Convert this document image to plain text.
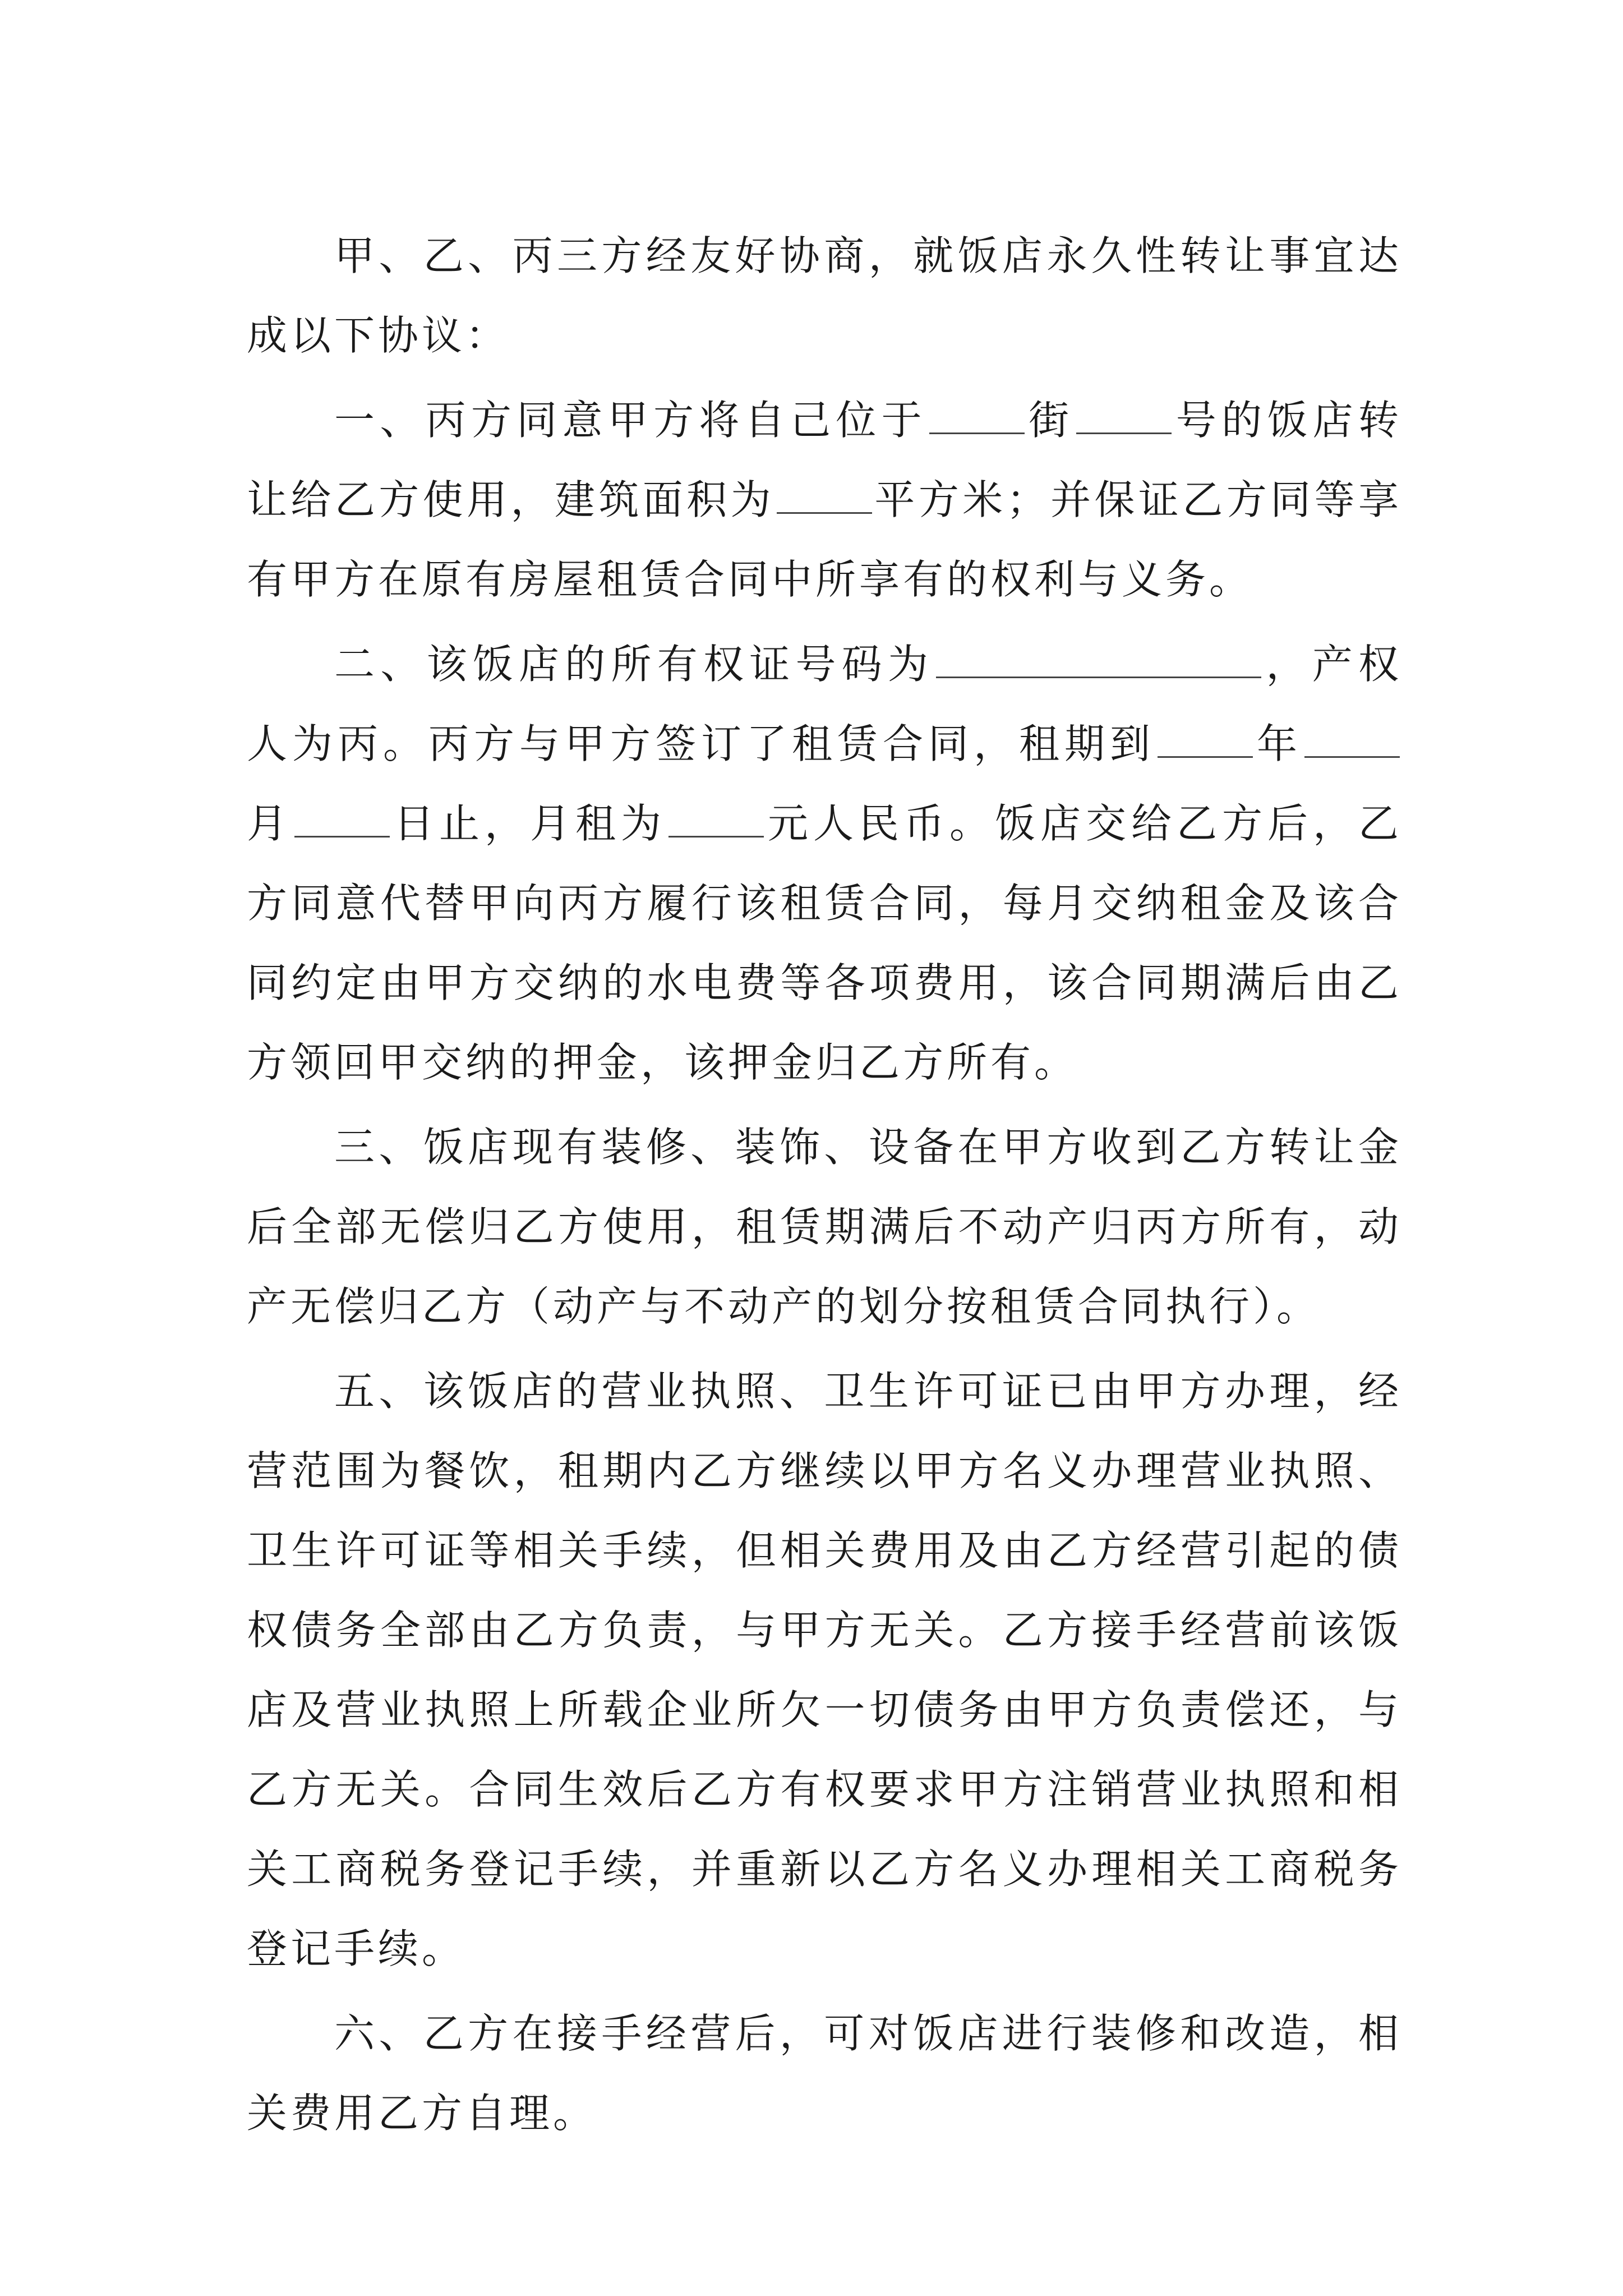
甲、乙、丙三方经友好协商，就饭店永久性转让事宜达成以下协议：

一、丙方同意甲方将自己位于 街 号的饭店转让给乙方使用，建筑面积为 平方米；并保证乙方同等享有甲方在原有房屋租赁合同中所享有的权利与义务。

二、该饭店的所有权证号码为	，产权人为丙。丙方与甲方签订了租赁合同，租期到 年月 日止，月租为 元人民币。饭店交给乙方后，乙方同意代替甲向丙方履行该租赁合同，每月交纳租金及该合同约定由甲方交纳的水电费等各项费用，该合同期满后由乙方领回甲交纳的押金，该押金归乙方所有。

三、饭店现有装修、装饰、设备在甲方收到乙方转让金后全部无偿归乙方使用，租赁期满后不动产归丙方所有，动产无偿归乙方（动产与不动产的划分按租赁合同执行）。

五、该饭店的营业执照、卫生许可证已由甲方办理，经营范围为餐饮，租期内乙方继续以甲方名义办理营业执照、卫生许可证等相关手续，但相关费用及由乙方经营引起的债权债务全部由乙方负责，与甲方无关。乙方接手经营前该饭店及营业执照上所载企业所欠一切债务由甲方负责偿还，与乙方无关。合同生效后乙方有权要求甲方注销营业执照和相关工商税务登记手续，并重新以乙方名义办理相关工商税务登记手续。

六、乙方在接手经营后，可对饭店进行装修和改造，相关费用乙方自理。
